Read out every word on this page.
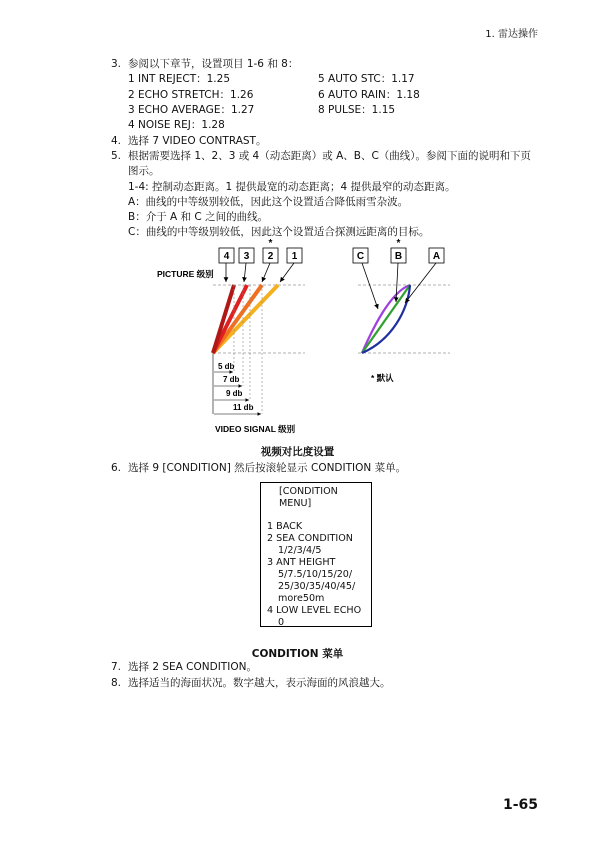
1. 雷达操作
3. 参阅以下章节，设置项目 1-6 和 8：
1 INT REJECT：1.25	5 AUTO STC：1.17
2 ECHO STRETCH：1.26	6 AUTO RAIN：1.18
3 ECHO AVERAGE：1.27	8 PULSE：1.15
4 NOISE REJ：1.28
4. 选择 7 VIDEO CONTRAST。
5. 根据需要选择 1、2、3 或 4（动态距离）或 A、B、C（曲线）。参阅下面的说明和下页图示。
1-4: 控制动态距离。1 提供最宽的动态距离；4 提供最窄的动态距离。
A：曲线的中等级别较低，因此这个设置适合降低雨雪杂波。
B：介于 A 和 C 之间的曲线。
C：曲线的中等级别较低，因此这个设置适合探测远距离的目标。
4 3 2 1
*
PICTURE 级别
5 db
7 db
9 db
11 db
VIDEO SIGNAL 级别
C	B	A
*
* 默认
视频对比度设置
6. 选择 9 [CONDITION] 然后按滚轮显示 CONDITION 菜单。
[CONDITION MENU]
1 BACK
2 SEA CONDITION
1/2/3/4/5
3 ANT HEIGHT
5/7.5/10/15/20/
25/30/35/40/45/
more50m
4 LOW LEVEL ECHO
0
CONDITION 菜单
7. 选择 2 SEA CONDITION。
8. 选择适当的海面状况。数字越大，表示海面的风浪越大。
1-65
